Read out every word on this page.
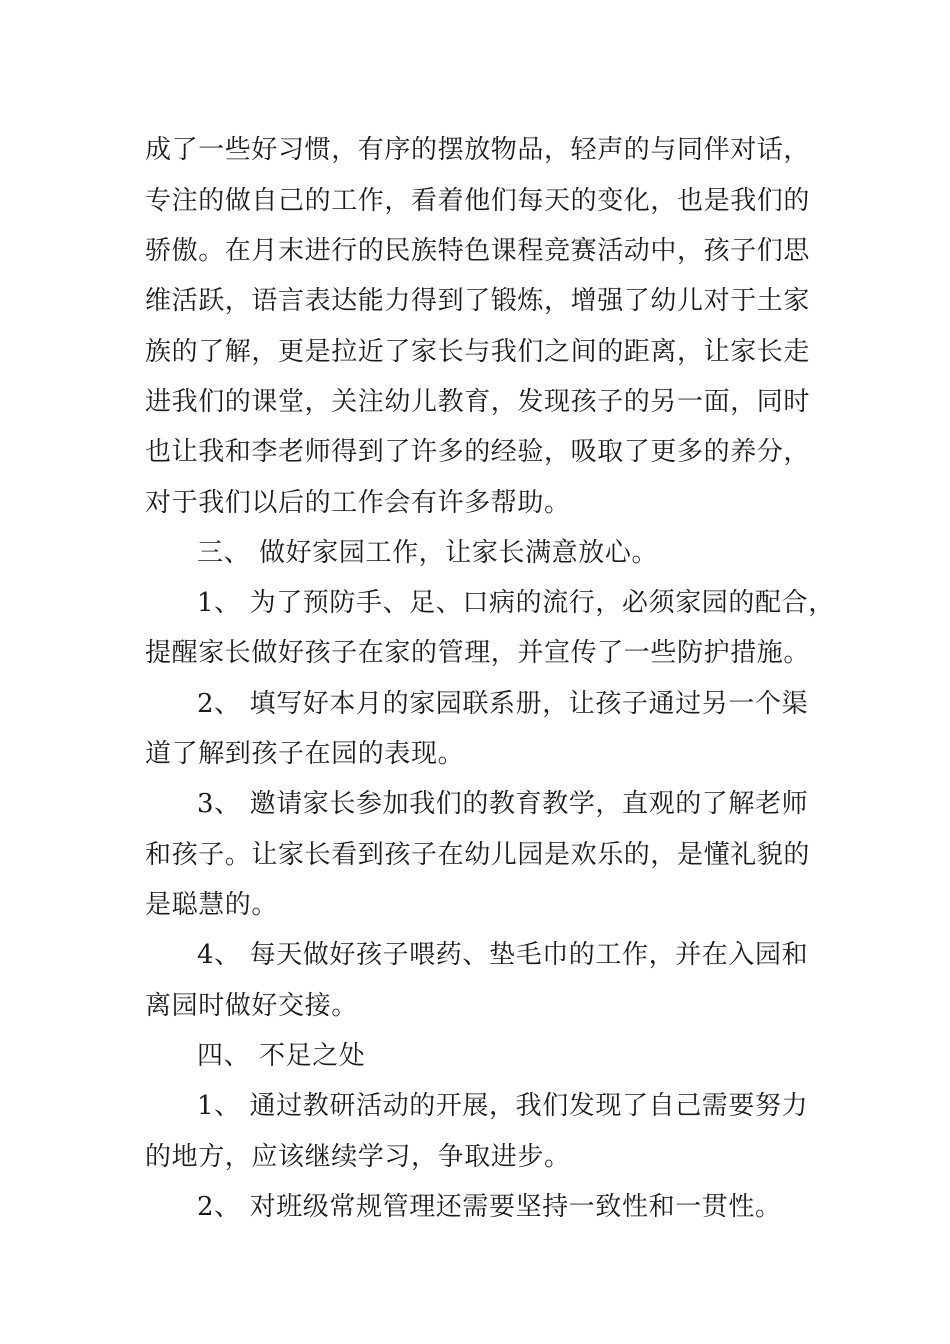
成了一些好习惯，有序的摆放物品，轻声的与同伴对话，
专注的做自己的工作，看着他们每天的变化，也是我们的
骄傲。在月末进行的民族特色课程竞赛活动中，孩子们思
维活跃，语言表达能力得到了锻炼，增强了幼儿对于土家
族的了解，更是拉近了家长与我们之间的距离，让家长走
进我们的课堂，关注幼儿教育，发现孩子的另一面，同时
也让我和李老师得到了许多的经验，吸取了更多的养分，
对于我们以后的工作会有许多帮助。
三、 做好家园工作，让家长满意放心。
1、 为了预防手、足、口病的流行，必须家园的配合，
提醒家长做好孩子在家的管理，并宣传了一些防护措施。
2、 填写好本月的家园联系册，让孩子通过另一个渠
道了解到孩子在园的表现。
3、 邀请家长参加我们的教育教学，直观的了解老师
和孩子。让家长看到孩子在幼儿园是欢乐的，是懂礼貌的
是聪慧的。
4、 每天做好孩子喂药、垫毛巾的工作，并在入园和
离园时做好交接。
四、 不足之处
1、 通过教研活动的开展，我们发现了自己需要努力
的地方，应该继续学习，争取进步。
2、 对班级常规管理还需要坚持一致性和一贯性。
